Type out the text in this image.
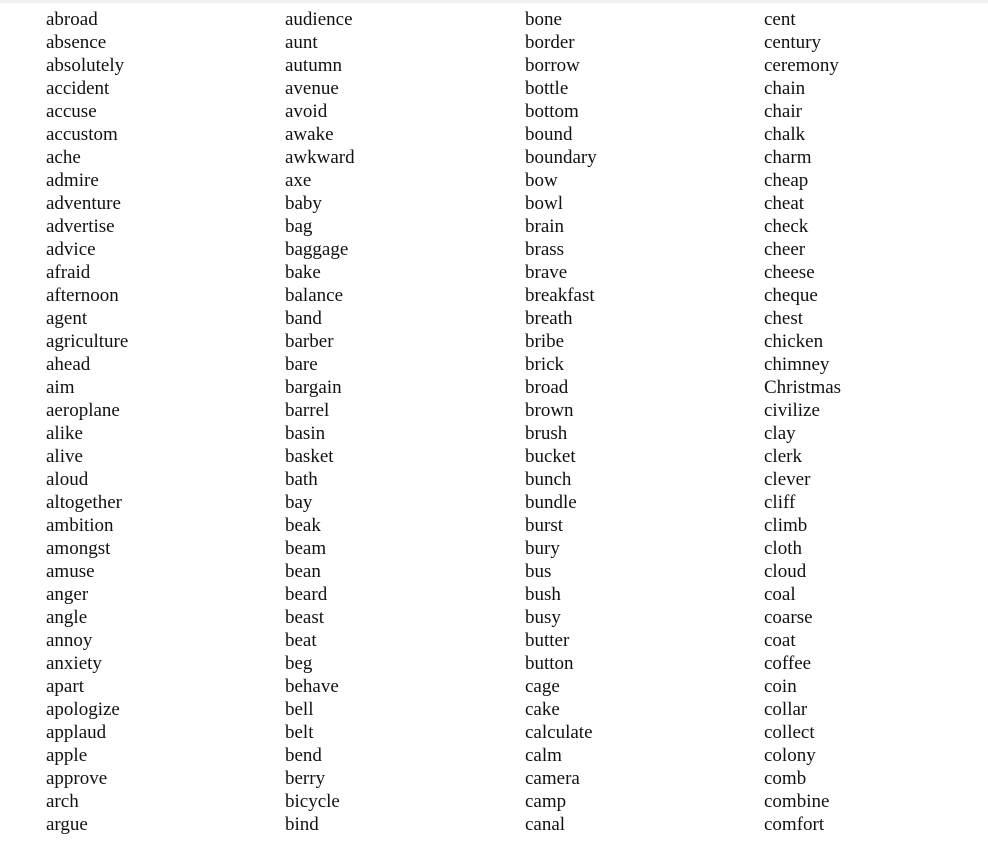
abroad
absence
absolutely
accident
accuse
accustom
ache
admire
adventure
advertise
advice
afraid
afternoon
agent
agriculture
ahead
aim
aeroplane
alike
alive
aloud
altogether
ambition
amongst
amuse
anger
angle
annoy
anxiety
apart
apologize
applaud
apple
approve
arch
argue
audience
aunt
autumn
avenue
avoid
awake
awkward
axe
baby
bag
baggage
bake
balance
band
barber
bare
bargain
barrel
basin
basket
bath
bay
beak
beam
bean
beard
beast
beat
beg
behave
bell
belt
bend
berry
bicycle
bind
bone
border
borrow
bottle
bottom
bound
boundary
bow
bowl
brain
brass
brave
breakfast
breath
bribe
brick
broad
brown
brush
bucket
bunch
bundle
burst
bury
bus
bush
busy
butter
button
cage
cake
calculate
calm
camera
camp
canal
cent
century
ceremony
chain
chair
chalk
charm
cheap
cheat
check
cheer
cheese
cheque
chest
chicken
chimney
Christmas
civilize
clay
clerk
clever
cliff
climb
cloth
cloud
coal
coarse
coat
coffee
coin
collar
collect
colony
comb
combine
comfort
